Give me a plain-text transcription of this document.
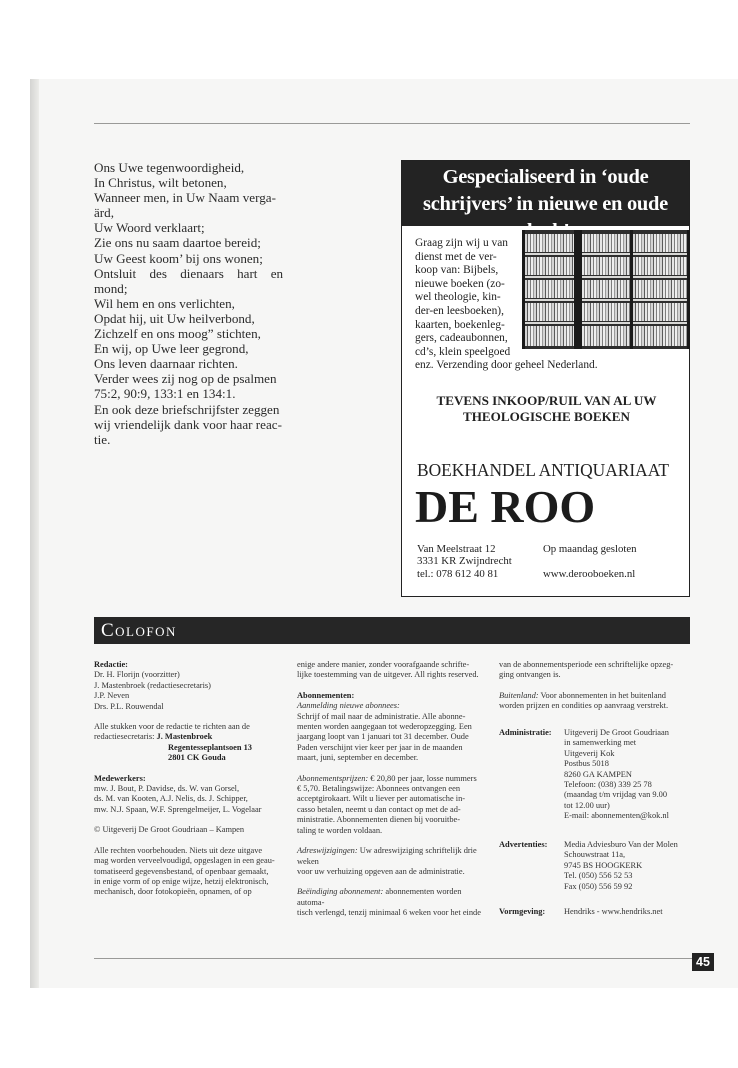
Ons Uwe tegenwoordigheid,
In Christus, wilt betonen,
Wanneer men, in Uw Naam verga-
ärd,
Uw Woord verklaart;
Zie ons nu saam daartoe bereid;
Uw Geest koom’ bij ons wonen;
Ontsluit des dienaars hart en
mond;
Wil hem en ons verlichten,
Opdat hij, uit Uw heilverbond,
Zichzelf en ons moog” stichten,
En wij, op Uwe leer gegrond,
Ons leven daarnaar richten.
Verder wees zij nog op de psalmen
75:2, 90:9, 133:1 en 134:1.
En ook deze briefschrijfster zeggen
wij vriendelijk dank voor haar reac-
tie.
Gespecialiseerd in ‘oude
schrijvers’ in nieuwe en oude
Graag zijn wij u van
dienst met de ver-
koop van: Bijbels,
nieuwe boeken (zo-
wel theologie, kin-
der-en leesboeken),
kaarten, boekenleg-
gers, cadeaubonnen,
cd’s, klein speelgoed
enz. Verzending door geheel Nederland.
TEVENS INKOOP/RUIL VAN AL UW
THEOLOGISCHE BOEKEN
BOEKHANDEL ANTIQUARIAAT
DE ROO
Van Meelstraat 12
3331 KR Zwijndrecht
tel.: 078 612 40 81
Op maandag gesloten
www.derooboeken.nl
Colofon

Redactie:

Dr. H. Florijn (voorzitter)

J. Mastenbroek (redactiesecretaris)

J.P. Neven

Drs. P.L. Rouwendal

Alle stukken voor de redactie te richten aan de

redactiesecretaris: J. Mastenbroek

Regentesseplantsoen 13

2801 CK Gouda

Medewerkers:

mw. J. Bout, P. Davidse, ds. W. van Gorsel,

ds. M. van Kooten, A.J. Nelis, ds. J. Schipper,

mw. N.J. Spaan, W.F. Sprengelmeijer, L. Vogelaar

© Uitgeverij De Groot Goudriaan – Kampen

Alle rechten voorbehouden. Niets uit deze uitgave

mag worden verveelvoudigd, opgeslagen in een geau-

tomatiseerd gegevensbestand, of openbaar gemaakt,

in enige vorm of op enige wijze, hetzij elektronisch,

mechanisch, door fotokopieën, opnamen, of op

enige andere manier, zonder voorafgaande schrifte-

lijke toestemming van de uitgever. All rights reserved.

Abonnementen:

Aanmelding nieuwe abonnees:

Schrijf of mail naar de administratie. Alle abonne-

menten worden aangegaan tot wederopzegging. Een

jaargang loopt van 1 januari tot 31 december. Oude

Paden verschijnt vier keer per jaar in de maanden

maart, juni, september en december.

Abonnementsprijzen: € 20,80 per jaar, losse nummers

€ 5,70. Betalingswijze: Abonnees ontvangen een

acceptgirokaart. Wilt u liever per automatische in-

casso betalen, neemt u dan contact op met de ad-

ministratie. Abonnementen dienen bij vooruitbe-

taling te worden voldaan.

Adreswijzigingen: Uw adreswijziging schriftelijk drie weken

voor uw verhuizing opgeven aan de administratie.

Beëindiging abonnement: abonnementen worden automa-

tisch verlengd, tenzij minimaal 6 weken voor het einde

van de abonnementsperiode een schriftelijke opzeg-

ging ontvangen is.

Buitenland: Voor abonnementen in het buitenland

worden prijzen en condities op aanvraag verstrekt.

Administratie: Uitgeverij De Groot Goudriaan
in samenwerking met
Uitgeverij Kok
Postbus 5018
8260 GA KAMPEN
Telefoon: (038) 339 25 78
(maandag t/m vrijdag van 9.00
tot 12.00 uur)
E-mail: abonnementen@kok.nl
Advertenties: Media Adviesburo Van der Molen
Schouwstraat 11a,
9745 BS HOOGKERK
Tel. (050) 556 52 53
Fax (050) 556 59 92
Vormgeving: Hendriks - www.hendriks.net
45
